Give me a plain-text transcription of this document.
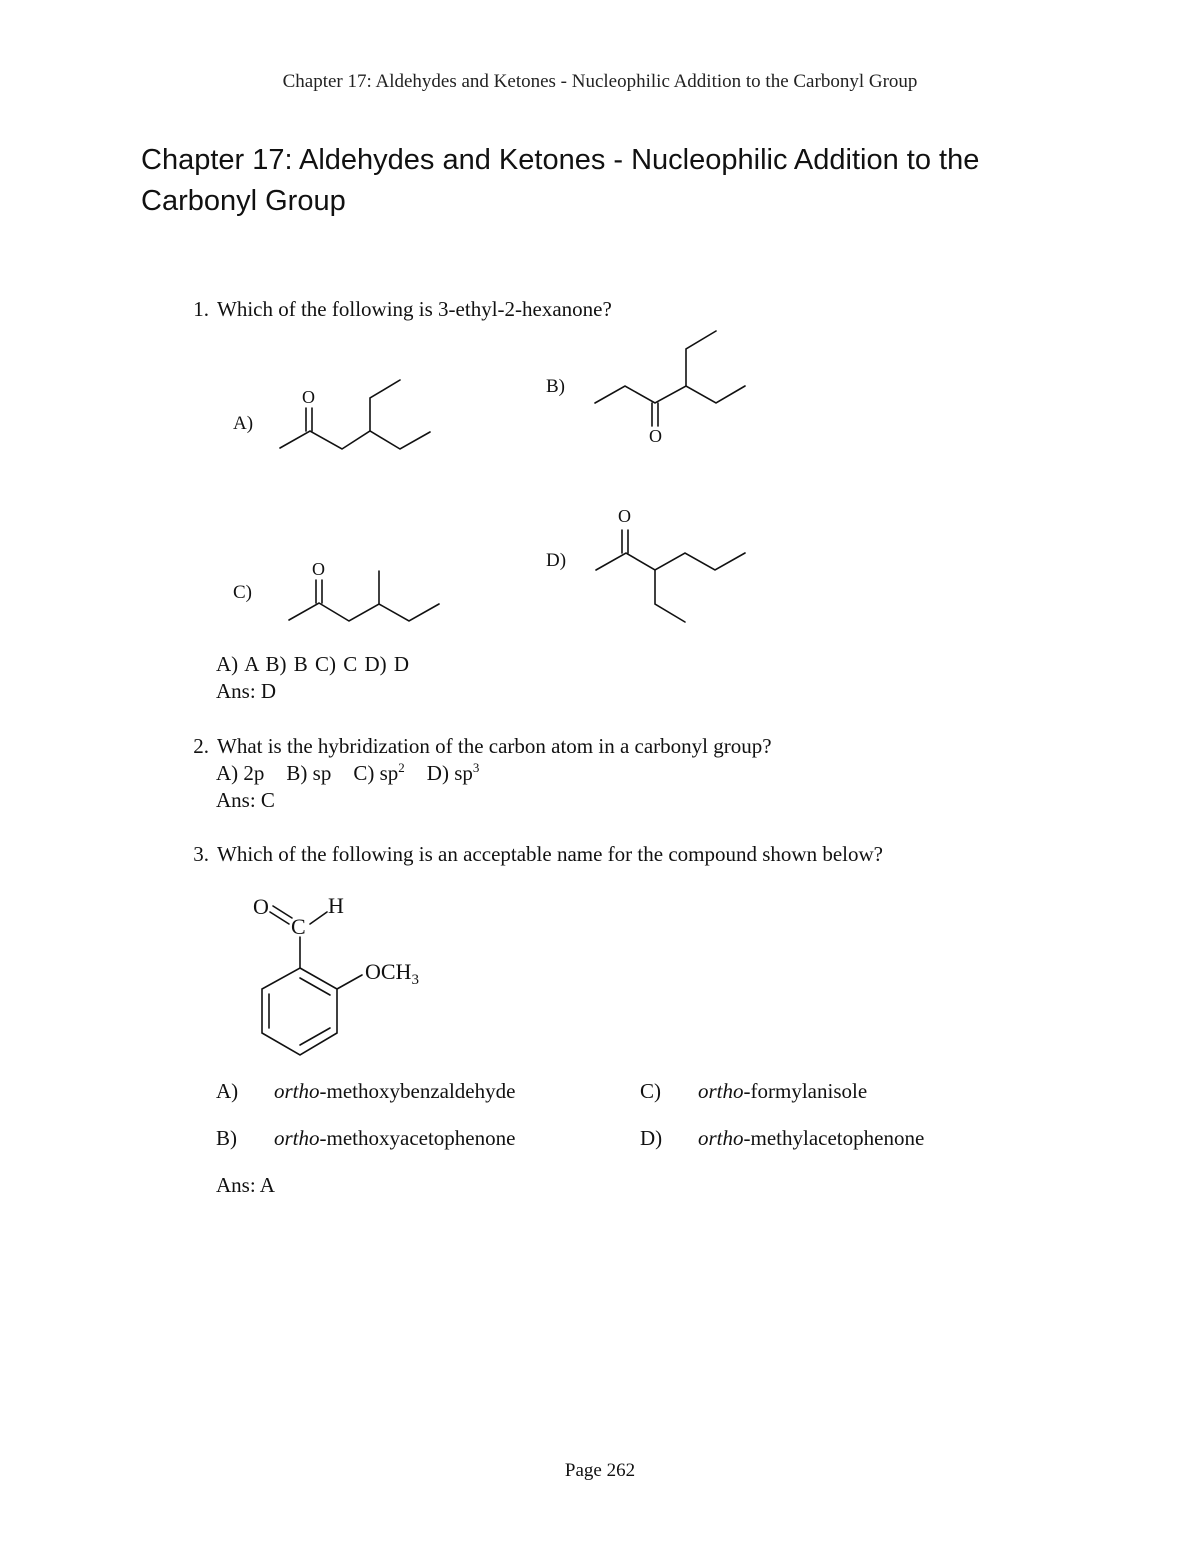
Chapter 17: Aldehydes and Ketones - Nucleophilic Addition to the Carbonyl Group
Chapter 17: Aldehydes and Ketones - Nucleophilic Addition to the Carbonyl Group
1. Which of the following is 3-ethyl-2-hexanone?
A)
B)
C)
D)
O
O
O
O
O
C
H
$OCH_3$
A) A B) B C) C D) D
Ans: D
2. What is the hybridization of the carbon atom in a carbonyl group?
A) 2p B) sp C) $sp^2$ D) $sp^3$
Ans: C
3. Which of the following is an acceptable name for the compound shown below?
A) ortho-methoxybenzaldehyde
B) ortho-methoxyacetophenone
C) ortho-formylanisole
D) ortho-methylacetophenone
Ans: A
Page 262
